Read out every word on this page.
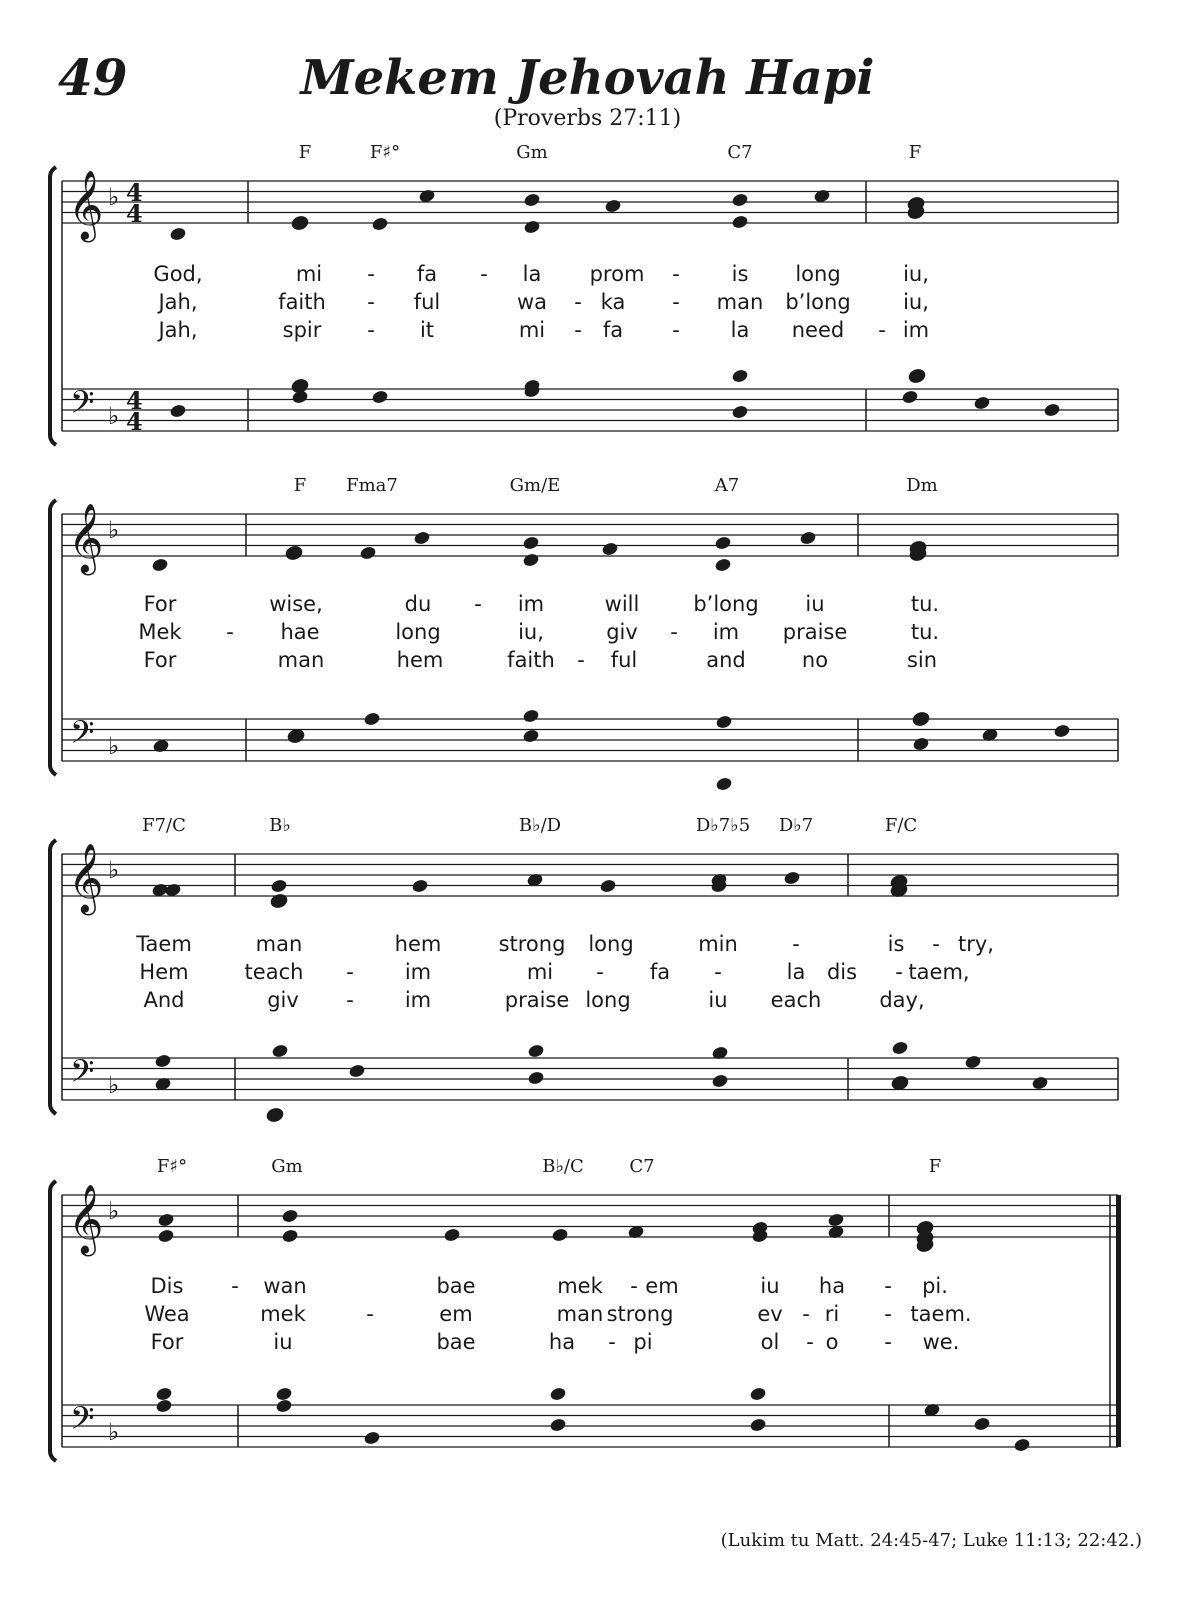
49	Mekem Jehovah Hapi
(Proverbs 27:11)
(Lukim tu Matt. 24:45-47; Luke 11:13; 22:42.)
𝄞
𝄢
♭
♭
4
4
4
4
F	F♯°	Gm	C7	F
God,	mi - fa - la prom - is long	iu,
Jah,	faith - ful	wa - ka - man b’long iu,
Jah,	spir - it	mi - fa - la need - im
𝄞
𝄢
♭
♭
F Fma7	Gm/E	A7	Dm
For	wise,	du - im	will	b’long iu	tu.
Mek - hae	long	iu,	giv - im praise	tu.
For	man	hem	faith - ful	and	no	sin
𝄞
𝄢
♭
♭
F7/C	B♭	B♭/D	D♭7♭5 D♭7	F/C
Taem	man	hem	strong long	min	-	is - try,
Hem	teach - im	mi - fa -	la dis - taem,
And	giv - im	praise long	iu each	day,
𝄞
𝄢
♭
♭
F♯°	Gm	B♭/C	C7	F
Dis - wan	bae	mek - em	iu ha - pi.
Wea	mek	-	em	man strong	ev - ri - taem.
For	iu	bae	ha - pi	ol - o - we.
